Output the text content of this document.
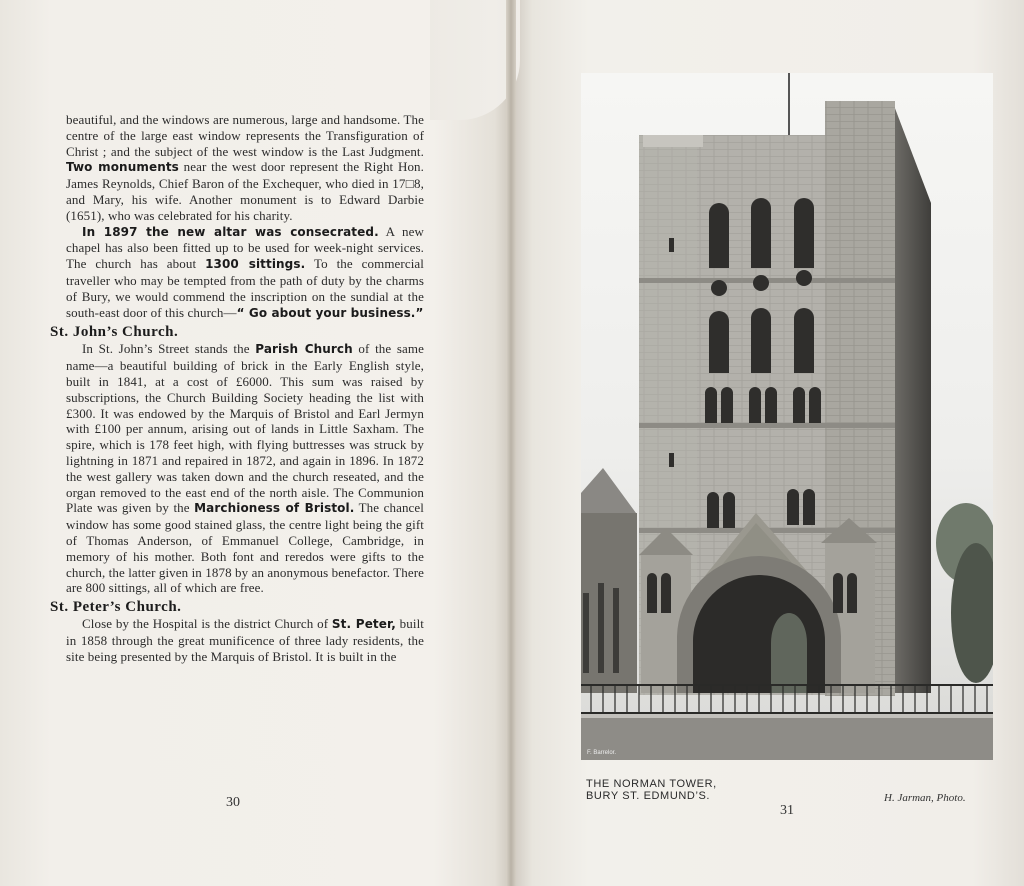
beautiful, and the windows are numerous, large and handsome. The centre of the large east window represents the Transfiguration of Christ ; and the subject of the west window is the Last Judgment. Two monuments near the west door represent the Right Hon. James Reynolds, Chief Baron of the Exchequer, who died in 17□8, and Mary, his wife. Another monument is to Edward Darbie (1651), who was celebrated for his charity.

In 1897 the new altar was consecrated. A new chapel has also been fitted up to be used for week-night services. The church has about 1300 sittings. To the commercial traveller who may be tempted from the path of duty by the charms of Bury, we would commend the inscription on the sundial at the south-east door of this church—“ Go about your business.”

St. John’s Church.

In St. John’s Street stands the Parish Church of the same name—a beautiful building of brick in the Early English style, built in 1841, at a cost of £6000. This sum was raised by subscriptions, the Church Building Society heading the list with £300. It was endowed by the Marquis of Bristol and Earl Jermyn with £100 per annum, arising out of lands in Little Saxham. The spire, which is 178 feet high, with flying buttresses was struck by lightning in 1871 and repaired in 1872, and again in 1896. In 1872 the west gallery was taken down and the church reseated, and the organ removed to the east end of the north aisle. The Communion Plate was given by the Marchioness of Bristol. The chancel window has some good stained glass, the centre light being the gift of Thomas Anderson, of Emmanuel College, Cambridge, in memory of his mother. Both font and reredos were gifts to the church, the latter given in 1878 by an anonymous benefactor. There are 800 sittings, all of which are free.

St. Peter’s Church.

Close by the Hospital is the district Church of St. Peter, built in 1858 through the great munificence of three lady residents, the site being presented by the Marquis of Bristol. It is built in the

30
F. Barrelor.
THE NORMAN TOWER,
BURY ST. EDMUND’S.	H. Jarman, Photo.
31
